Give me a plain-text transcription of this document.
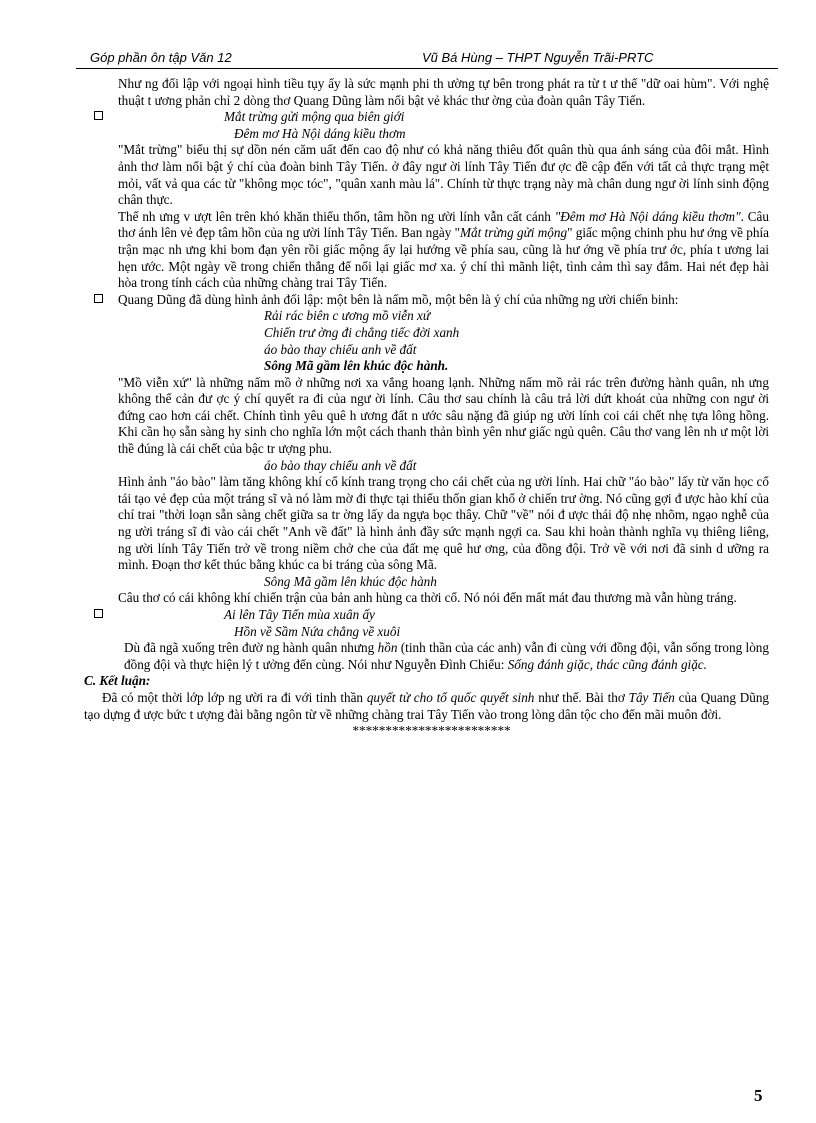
Góp phần ôn tập Văn 12	Vũ Bá Hùng – THPT Nguyễn Trãi-PRTC

Như ng đối lập với ngoại hình tiều tụy ấy là sức mạnh phi th ường tự bên trong phát ra từ t ư thế "dữ oai hùm". Với nghệ thuật t ương phản chỉ 2 dòng thơ Quang Dũng làm nổi bật vẻ khác thư ờng của đoàn quân Tây Tiến.

Mắt trừng gửi mộng qua biên giới

Đêm mơ Hà Nội dáng kiều thơm

"Mắt trừng" biểu thị sự dồn nén căm uất đến cao độ như có khả năng thiêu đốt quân thù qua ánh sáng của đôi mắt. Hình ảnh thơ làm nổi bật ý chí của đoàn binh Tây Tiến. ở đây ngư ời lính Tây Tiến đư ợc đề cập đến với tất cả thực trạng mệt mỏi, vất vả qua các từ "không mọc tóc", "quân xanh màu lá". Chính từ thực trạng này mà chân dung ngư ời lính sinh động chân thực.

Thế nh ưng v ượt lên trên khó khăn thiếu thốn, tâm hồn ng ười lính vẫn cất cánh "Đêm mơ Hà Nội dáng kiều thơm". Câu thơ ánh lên vẻ đẹp tâm hồn của ng ười lính Tây Tiến. Ban ngày "Mắt trừng gửi mộng" giấc mộng chinh phu hư ớng về phía trận mạc nh ưng khi bom đạn yên rồi giấc mộng ấy lại hướng về phía sau, cũng là hư ớng về phía trư ớc, phía t ương lai hẹn ước. Một ngày về trong chiến thắng để nối lại giấc mơ xa. ý chí thì mãnh liệt, tình cảm thì say đắm. Hai nét đẹp hài hòa trong tính cách của những chàng trai Tây Tiến.

Quang Dũng đã dùng hình ảnh đối lập: một bên là nấm mồ, một bên là ý chí của những ng ười chiến binh:

Rải rác biên c ương mồ viễn xứ

Chiến trư ờng đi chẳng tiếc đời xanh

áo bào thay chiếu anh về đất

Sông Mã gầm lên khúc độc hành.

"Mồ viễn xứ" là những nấm mồ ở những nơi xa vắng hoang lạnh. Những nấm mồ rải rác trên đường hành quân, nh ưng không thể cản đư ợc ý chí quyết ra đi của ngư ời lính. Câu thơ sau chính là câu trả lời dứt khoát của những con ngư ời đứng cao hơn cái chết. Chính tình yêu quê h ương đất n ước sâu nặng đã giúp ng ười lính coi cái chết nhẹ tựa lông hồng. Khi cần họ sẵn sàng hy sinh cho nghĩa lớn một cách thanh thản bình yên như giấc ngủ quên. Câu thơ vang lên nh ư một lời thề đúng là cái chết của bậc tr ượng phu.

áo bào thay chiếu anh về đất

Hình ảnh "áo bào" làm tăng không khí cổ kính trang trọng cho cái chết của ng ười lính. Hai chữ "áo bào" lấy từ văn học cổ tái tạo vẻ đẹp của một tráng sĩ và nó làm mờ đi thực tại thiếu thốn gian khổ ở chiến trư ờng. Nó cũng gợi đ ược hào khí của chí trai "thời loạn sẵn sàng chết giữa sa tr ờng lấy da ngựa bọc thây. Chữ "về" nói đ ược thái độ nhẹ nhõm, ngạo nghễ của ng ười tráng sĩ đi vào cái chết "Anh về đất" là hình ảnh đầy sức mạnh ngợi ca. Sau khi hoàn thành nghĩa vụ thiêng liêng, ng ười lính Tây Tiến trở về trong niềm chở che của đất mẹ quê hư ơng, của đồng đội. Trở về với nơi đã sinh d ưỡng ra mình. Đoạn thơ kết thúc bằng khúc ca bi tráng của sông Mã.

Sông Mã gầm lên khúc độc hành

Câu thơ có cái không khí chiến trận của bản anh hùng ca thời cổ. Nó nói đến mất mát đau thương mà vẫn hùng tráng.

Ai lên Tây Tiến mùa xuân ấy

Hồn về Sầm Nứa chẳng về xuôi

Dù đã ngã xuống trên đườ ng hành quân nhưng hồn (tinh thần của các anh) vẫn đi cùng với đồng đội, vẫn sống trong lòng đồng đội và thực hiện lý t ưởng đến cùng. Nói như Nguyễn Đình Chiểu: Sống đánh giặc, thác cũng đánh giặc.

C. Kết luận:

Đã có một thời lớp lớp ng ười ra đi với tinh thần quyết tử cho tổ quốc quyết sinh như thế. Bài thơ Tây Tiến của Quang Dũng tạo dựng đ ược bức t ượng đài bằng ngôn từ về những chàng trai Tây Tiến vào trong lòng dân tộc cho đến mãi muôn đời.

************************

5
